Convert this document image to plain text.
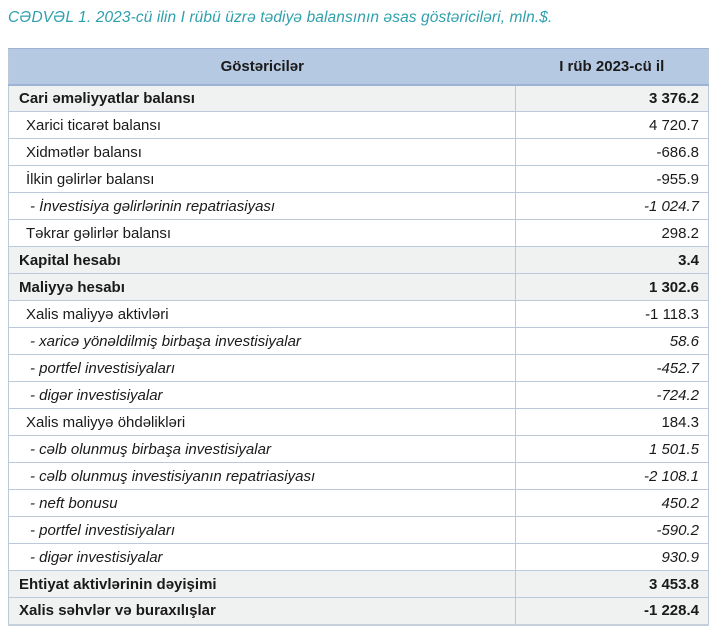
CƏDVƏL 1. 2023-cü ilin I rübü üzrə tədiyə balansının əsas göstəriciləri, mln.$.
Göstəricilər	I rüb 2023-cü il
Cari əməliyyatlar balansı	3 376.2
Xarici ticarət balansı	4 720.7
Xidmətlər balansı	-686.8
İlkin gəlirlər balansı	-955.9
- İnvestisiya gəlirlərinin repatriasiyası	-1 024.7
Təkrar gəlirlər balansı	298.2
Kapital hesabı	3.4
Maliyyə hesabı	1 302.6
Xalis maliyyə aktivləri	-1 118.3
- xaricə yönəldilmiş birbaşa investisiyalar	58.6
- portfel investisiyaları	-452.7
- digər investisiyalar	-724.2
Xalis maliyyə öhdəlikləri	184.3
- cəlb olunmuş birbaşa investisiyalar	1 501.5
- cəlb olunmuş investisiyanın repatriasiyası	-2 108.1
- neft bonusu	450.2
- portfel investisiyaları	-590.2
- digər investisiyalar	930.9
Ehtiyat aktivlərinin dəyişimi	3 453.8
Xalis səhvlər və buraxılışlar	-1 228.4
